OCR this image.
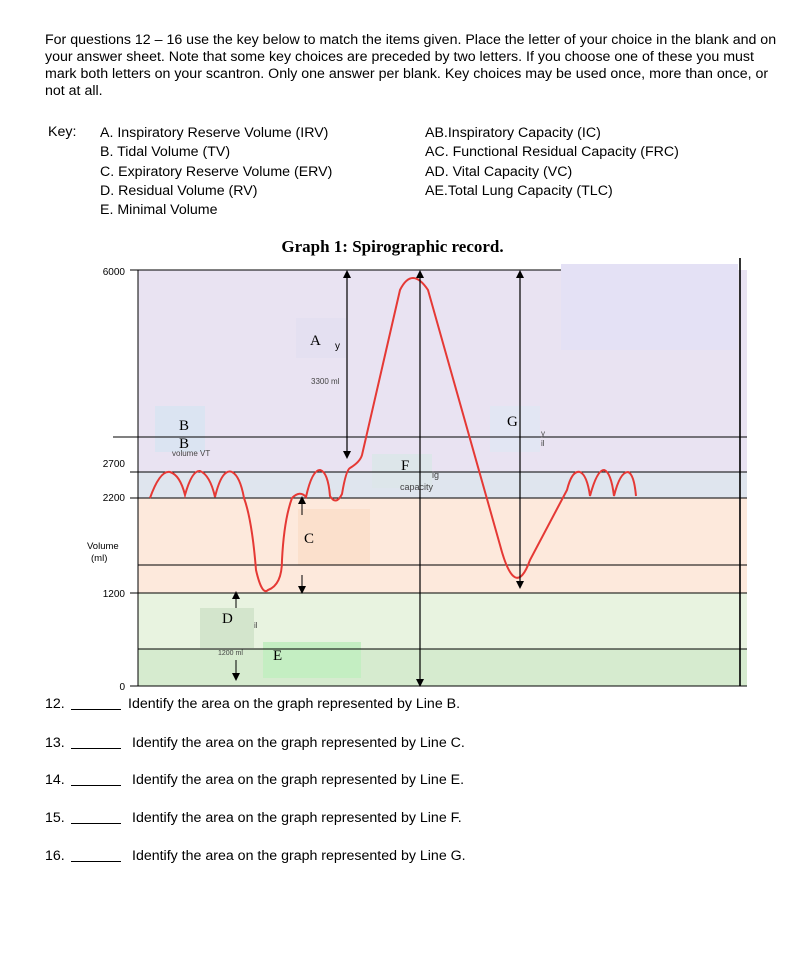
For questions 12 – 16 use the key below to match the items given. Place the letter of your choice in the blank and on your answer sheet. Note that some key choices are preceded by two letters. If you choose one of these you must mark both letters on your scantron. Only one answer per blank. Key choices may be used once, more than once, or not at all.
Key: A. Inspiratory Reserve Volume (IRV)
B. Tidal Volume (TV)
C. Expiratory Reserve Volume (ERV)
D. Residual Volume (RV)
E. Minimal Volume
AB.Inspiratory Capacity (IC)
AC. Functional Residual Capacity (FRC)
AD. Vital Capacity (VC)
AE.Total Lung Capacity (TLC)
Graph 1: Spirographic record.
6000
2700
2200
1200
0
Volume
(ml)
A
B
B
G
F
C
D
E
y
3300 ml
volume VT
ig
capacity
y
il
1200 ml
il
12.	Identify the area on the graph represented by Line B.
13.	Identify the area on the graph represented by Line C.
14.	Identify the area on the graph represented by Line E.
15.	Identify the area on the graph represented by Line F.
16.	Identify the area on the graph represented by Line G.
